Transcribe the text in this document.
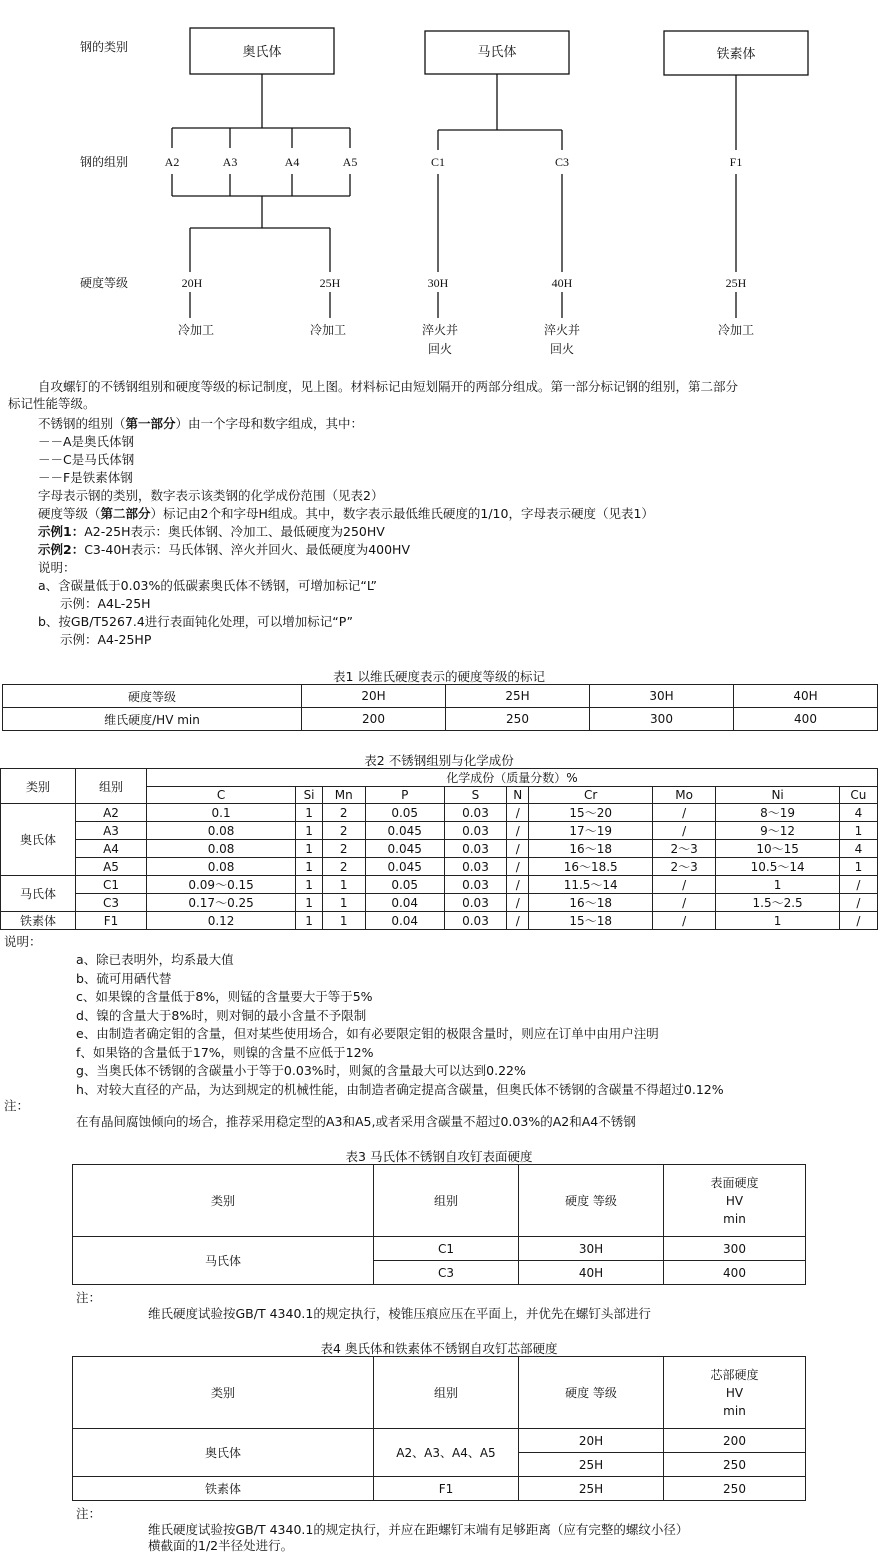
钢的类别
钢的组别
硬度等级
奥氏体	马氏体	铁素体
A2	A3	A4	A5	C1	C3	F1
20H	25H	30H	40H	25H
冷加工	冷加工	淬火并
回火
淬火并
回火
冷加工
自攻螺钉的不锈钢组别和硬度等级的标记制度，见上图。材料标记由短划隔开的两部分组成。第一部分标记钢的组别，第二部分
标记性能等级。
不锈钢的组别（第一部分）由一个字母和数字组成，其中：
－－A是奥氏体钢
－－C是马氏体钢
－－F是铁素体钢
字母表示钢的类别，数字表示该类钢的化学成份范围（见表2）
硬度等级（第二部分）标记由2个和字母H组成。其中，数字表示最低维氏硬度的1/10，字母表示硬度（见表1）
示例1：A2-25H表示：奥氏体钢、冷加工、最低硬度为250HV
示例2：C3-40H表示：马氏体钢、淬火并回火、最低硬度为400HV
说明：
a、含碳量低于0.03%的低碳素奥氏体不锈钢，可增加标记“L”
示例：A4L-25H
b、按GB/T5267.4进行表面钝化处理，可以增加标记“P”
示例：A4-25HP
表1 以维氏硬度表示的硬度等级的标记
硬度等级	20H	25H	30H	40H
维氏硬度/HV min	200	250	300	400
表2 不锈钢组别与化学成份
类别	组别	化学成份（质量分数）%									
		C	Si	Mn	P	S	N	Cr	Mo	Ni	Cu
奥氏体	A2	0.1	1	2	0.05	0.03	/	15～20	/	8～19	4
	A3	0.08	1	2	0.045	0.03	/	17～19	/	9～12	1
	A4	0.08	1	2	0.045	0.03	/	16～18	2～3	10～15	4
	A5	0.08	1	2	0.045	0.03	/	16～18.5	2～3	10.5～14	1
马氏体	C1	0.09～0.15	1	1	0.05	0.03	/	11.5～14	/	1	/
	C3	0.17～0.25	1	1	0.04	0.03	/	16～18	/	1.5～2.5	/
铁素体	F1	0.12	1	1	0.04	0.03	/	15～18	/	1	/
说明：
a、除已表明外，均系最大值
b、硫可用硒代替
c、如果镍的含量低于8%，则锰的含量要大于等于5%
d、镍的含量大于8%时，则对铜的最小含量不予限制
e、由制造者确定钼的含量，但对某些使用场合，如有必要限定钼的极限含量时，则应在订单中由用户注明
f、如果铬的含量低于17%，则镍的含量不应低于12%
g、当奥氏体不锈钢的含碳量小于等于0.03%时，则氮的含量最大可以达到0.22%
h、对较大直径的产品，为达到规定的机械性能，由制造者确定提高含碳量，但奥氏体不锈钢的含碳量不得超过0.12%
注：
在有晶间腐蚀倾向的场合，推荐采用稳定型的A3和A5,或者采用含碳量不超过0.03%的A2和A4不锈钢
表3 马氏体不锈钢自攻钉表面硬度
类别	组别	硬度 等级	表面硬度
HV
min

马氏体	C1	30H	300
	C3	40H	400
注：
维氏硬度试验按GB/T 4340.1的规定执行，棱锥压痕应压在平面上，并优先在螺钉头部进行
表4 奥氏体和铁素体不锈钢自攻钉芯部硬度
类别	组别	硬度 等级	芯部硬度
HV
min

奥氏体	A2、A3、A4、A5	20H	200
		25H	250
铁素体	F1	25H	250
注：
维氏硬度试验按GB/T 4340.1的规定执行，并应在距螺钉末端有足够距离（应有完整的螺纹小径）
横截面的1/2半径处进行。
